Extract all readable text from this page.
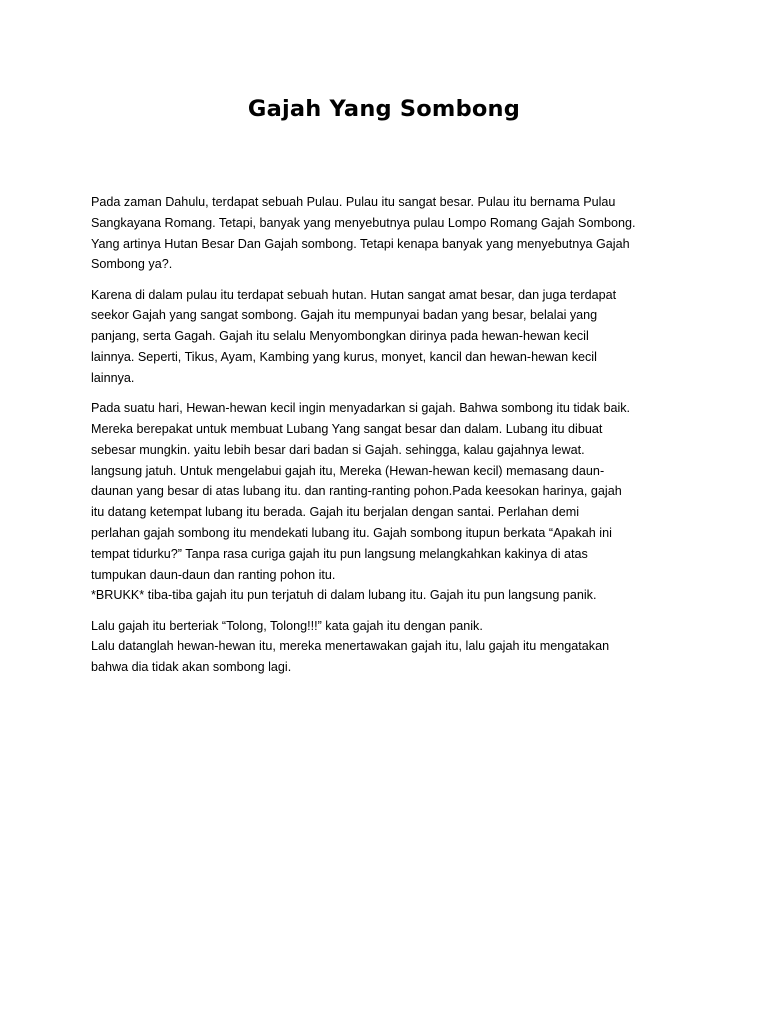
Gajah Yang Sombong

Pada zaman Dahulu, terdapat sebuah Pulau. Pulau itu sangat besar. Pulau itu bernama Pulau
Sangkayana Romang. Tetapi, banyak yang menyebutnya pulau Lompo Romang Gajah Sombong.
Yang artinya Hutan Besar Dan Gajah sombong. Tetapi kenapa banyak yang menyebutnya Gajah
Sombong ya?.

Karena di dalam pulau itu terdapat sebuah hutan. Hutan sangat amat besar, dan juga terdapat
seekor Gajah yang sangat sombong. Gajah itu mempunyai badan yang besar, belalai yang
panjang, serta Gagah. Gajah itu selalu Menyombongkan dirinya pada hewan-hewan kecil
lainnya. Seperti, Tikus, Ayam, Kambing yang kurus, monyet, kancil dan hewan-hewan kecil
lainnya.

Pada suatu hari, Hewan-hewan kecil ingin menyadarkan si gajah. Bahwa sombong itu tidak baik.
Mereka berepakat untuk membuat Lubang Yang sangat besar dan dalam. Lubang itu dibuat
sebesar mungkin. yaitu lebih besar dari badan si Gajah. sehingga, kalau gajahnya lewat.
langsung jatuh. Untuk mengelabui gajah itu, Mereka (Hewan-hewan kecil) memasang daun-
daunan yang besar di atas lubang itu. dan ranting-ranting pohon.Pada keesokan harinya, gajah
itu datang ketempat lubang itu berada. Gajah itu berjalan dengan santai. Perlahan demi
perlahan gajah sombong itu mendekati lubang itu. Gajah sombong itupun berkata “Apakah ini
tempat tidurku?” Tanpa rasa curiga gajah itu pun langsung melangkahkan kakinya di atas
tumpukan daun-daun dan ranting pohon itu.
*BRUKK* tiba-tiba gajah itu pun terjatuh di dalam lubang itu. Gajah itu pun langsung panik.

Lalu gajah itu berteriak “Tolong, Tolong!!!” kata gajah itu dengan panik.
Lalu datanglah hewan-hewan itu, mereka menertawakan gajah itu, lalu gajah itu mengatakan
bahwa dia tidak akan sombong lagi.
